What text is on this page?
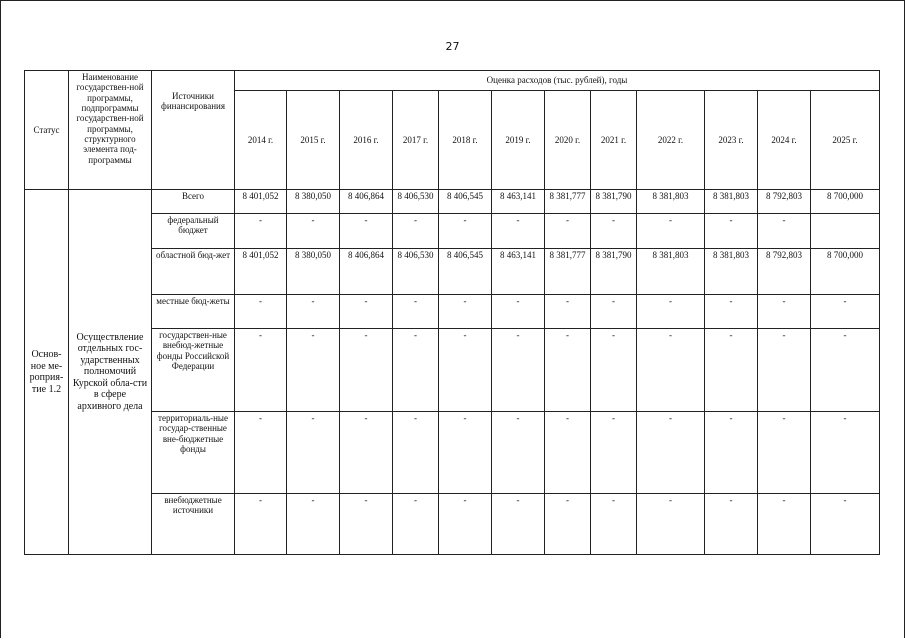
27
Статус	Наименование государствен-ной программы, подпрограммы государствен-ной программы, структурного элемента под-программы	Источники финансирования	Оценка расходов (тыс. рублей), годы											
			2014 г.	2015 г.	2016 г.	2017 г.	2018 г.	2019 г.	2020 г.	2021 г.	2022 г.	2023 г.	2024 г.	2025 г.
Основ-ное ме-роприя-тие 1.2	Осуществление отдельных гос-ударственных полномочий Курской обла-сти в сфере архивного дела	Всего	8 401,052	8 380,050	8 406,864	8 406,530	8 406,545	8 463,141	8 381,777	8 381,790	8 381,803	8 381,803	8 792,803	8 700,000
		федеральный бюджет	-	-	-	-	-	-	-	-	-	-	-	
		областной бюд-жет	8 401,052	8 380,050	8 406,864	8 406,530	8 406,545	8 463,141	8 381,777	8 381,790	8 381,803	8 381,803	8 792,803	8 700,000
		местные бюд-жеты	-	-	-	-	-	-	-	-	-	-	-	-
		государствен-ные внебюд-жетные фонды Российской Федерации	-	-	-	-	-	-	-	-	-	-	-	-
		территориаль-ные государ-ственные вне-бюджетные фонды	-	-	-	-	-	-	-	-	-	-	-	-
		внебюджетные источники	-	-	-	-	-	-	-	-	-	-	-	-
